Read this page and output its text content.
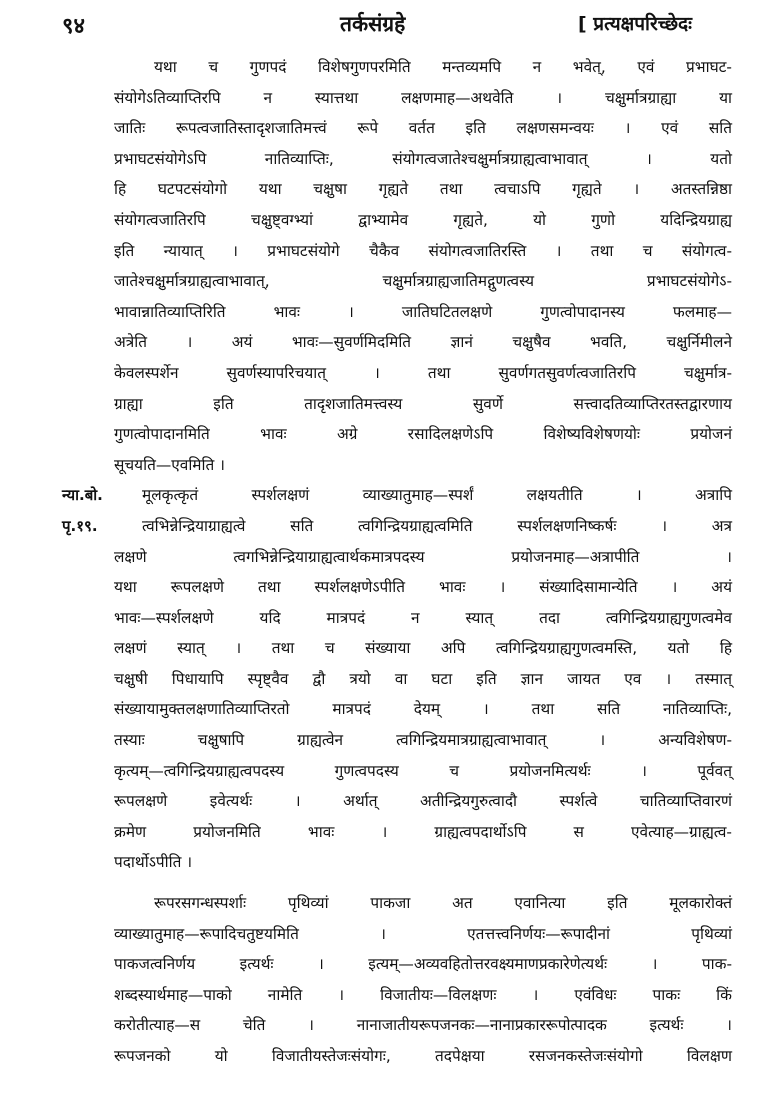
९४	तर्कसंग्रहे	[ प्रत्यक्षपरिच्छेदः
यथा च गुणपदं विशेषगुणपरमिति मन्तव्यमपि न भवेत्, एवं प्रभाघट-
संयोगेऽतिव्याप्तिरपि न स्यात्तथा लक्षणमाह—अथवेति । चक्षुर्मात्रग्राह्या या
जातिः रूपत्वजातिस्तादृशजातिमत्त्वं रूपे वर्तत इति लक्षणसमन्वयः । एवं सति
प्रभाघटसंयोगेऽपि नातिव्याप्तिः, संयोगत्वजातेश्चक्षुर्मात्रग्राह्यत्वाभावात् । यतो
हि घटपटसंयोगो यथा चक्षुषा गृह्यते तथा त्वचाऽपि गृह्यते । अतस्तन्निष्ठा
संयोगत्वजातिरपि चक्षुष्ट्वग्भ्यां द्वाभ्यामेव गृह्यते, यो गुणो यदिन्द्रियग्राह्य
इति न्यायात् । प्रभाघटसंयोगे चैकैव संयोगत्वजातिरस्ति । तथा च संयोगत्व-
जातेश्चक्षुर्मात्रग्राह्यत्वाभावात्, चक्षुर्मात्रग्राह्यजातिमद्गुणत्वस्य प्रभाघटसंयोगेऽ-
भावान्नातिव्याप्तिरिति भावः । जातिघटितलक्षणे गुणत्वोपादानस्य फलमाह—
अत्रेति । अयं भावः—सुवर्णमिदमिति ज्ञानं चक्षुषैव भवति, चक्षुर्निमीलने
केवलस्पर्शेन सुवर्णस्यापरिचयात् । तथा सुवर्णगतसुवर्णत्वजातिरपि चक्षुर्मात्र-
ग्राह्या इति तादृशजातिमत्त्वस्य सुवर्णे सत्त्वादतिव्याप्तिरतस्तद्वारणाय
गुणत्वोपादानमिति भावः अग्रे रसादिलक्षणेऽपि विशेष्यविशेषणयोः प्रयोजनं
सूचयति—एवमिति ।
न्या.बो.	मूलकृत्कृतं स्पर्शलक्षणं व्याख्यातुमाह—स्पर्शं लक्षयतीति । अत्रापि
पृ.१९.	त्वभिन्नेन्द्रियाग्राह्यत्वे सति त्वगिन्द्रियग्राह्यत्वमिति स्पर्शलक्षणनिष्कर्षः । अत्र
लक्षणे त्वगभिन्नेन्द्रियाग्राह्यत्वार्थकमात्रपदस्य प्रयोजनमाह—अत्रापीति ।
यथा रूपलक्षणे तथा स्पर्शलक्षणेऽपीति भावः । संख्यादिसामान्येति । अयं
भावः—स्पर्शलक्षणे यदि मात्रपदं न स्यात् तदा त्वगिन्द्रियग्राह्यगुणत्वमेव
लक्षणं स्यात् । तथा च संख्याया अपि त्वगिन्द्रियग्राह्यगुणत्वमस्ति, यतो हि
चक्षुषी पिधायापि स्पृष्ट्वैव द्वौ त्रयो वा घटा इति ज्ञान जायत एव । तस्मात्
संख्यायामुक्तलक्षणातिव्याप्तिरतो मात्रपदं देयम् । तथा सति नातिव्याप्तिः,
तस्याः चक्षुषापि ग्राह्यत्वेन त्वगिन्द्रियमात्रग्राह्यत्वाभावात् । अन्यविशेषण-
कृत्यम्—त्वगिन्द्रियग्राह्यत्वपदस्य गुणत्वपदस्य च प्रयोजनमित्यर्थः । पूर्ववत्
रूपलक्षणे इवेत्यर्थः । अर्थात् अतीन्द्रियगुरुत्वादौ स्पर्शत्वे चातिव्याप्तिवारणं
क्रमेण प्रयोजनमिति भावः । ग्राह्यत्वपदार्थोऽपि स एवेत्याह—ग्राह्यत्व-
पदार्थोऽपीति ।
रूपरसगन्धस्पर्शाः पृथिव्यां पाकजा अत एवानित्या इति मूलकारोक्तं
व्याख्यातुमाह—रूपादिचतुष्टयमिति । एतत्तत्त्वनिर्णयः—रूपादीनां पृथिव्यां
पाकजत्वनिर्णय इत्यर्थः । इत्यम्—अव्यवहितोत्तरवक्ष्यमाणप्रकारेणेत्यर्थः । पाक-
शब्दस्यार्थमाह—पाको नामेति । विजातीयः—विलक्षणः । एवंविधः पाकः किं
करोतीत्याह—स चेति । नानाजातीयरूपजनकः—नानाप्रकाररूपोत्पादक इत्यर्थः ।
रूपजनको यो विजातीयस्तेजःसंयोगः, तदपेक्षया रसजनकस्तेजःसंयोगो विलक्षण
